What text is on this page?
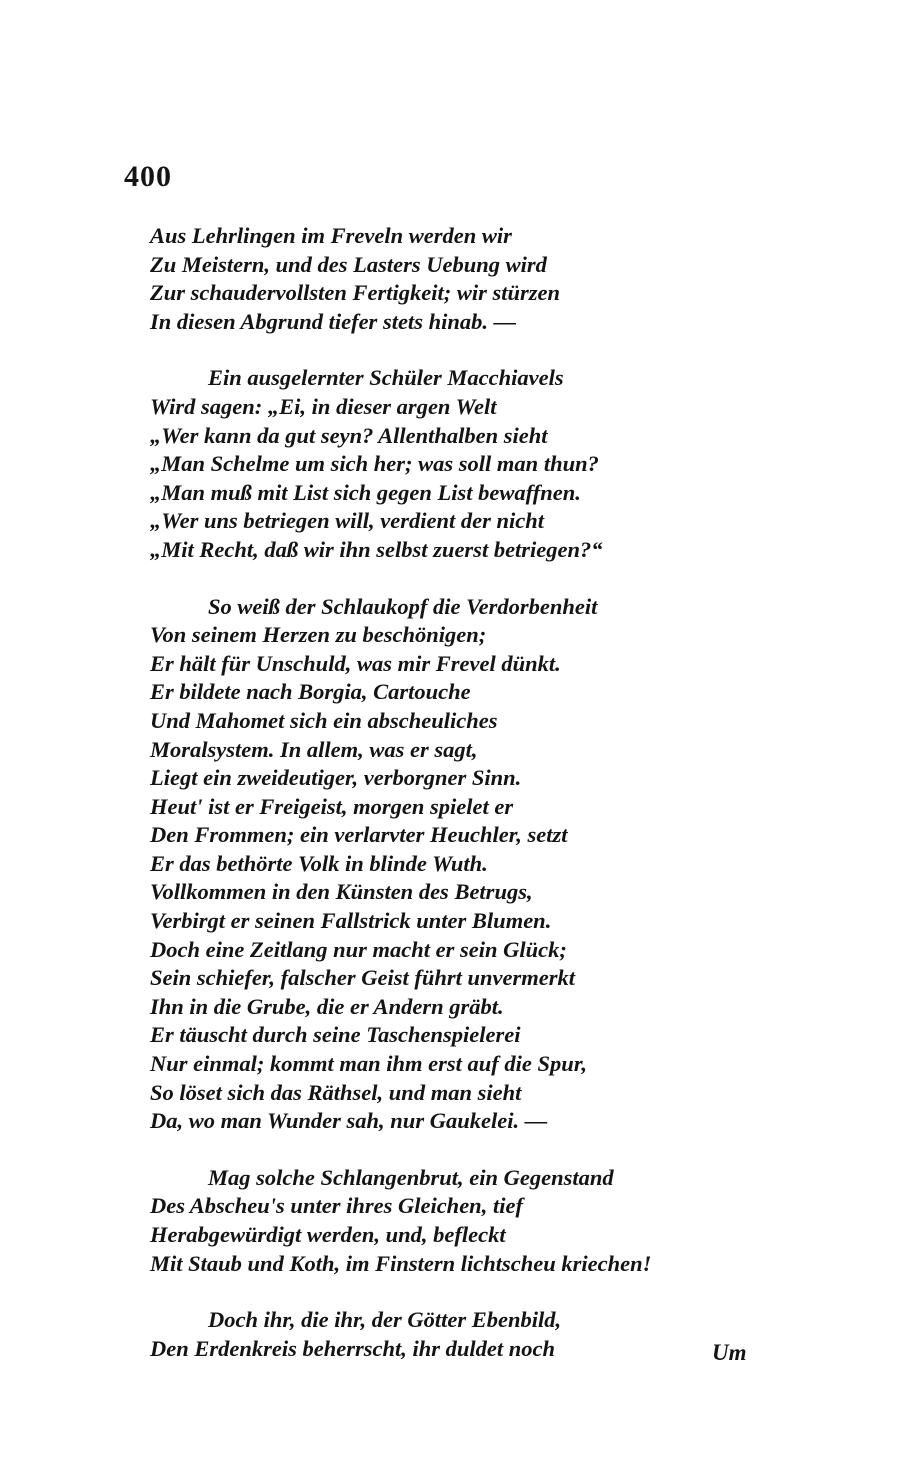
400
Aus Lehrlingen im Freveln werden wir
Zu Meistern, und des Lasters Uebung wird
Zur schaudervollsten Fertigkeit; wir stürzen
In diesen Abgrund tiefer stets hinab. —
Ein ausgelernter Schüler Macchiavels
Wird sagen: „Ei, in dieser argen Welt
„Wer kann da gut seyn? Allenthalben sieht
„Man Schelme um sich her; was soll man thun?
„Man muß mit List sich gegen List bewaffnen.
„Wer uns betriegen will, verdient der nicht
„Mit Recht, daß wir ihn selbst zuerst betriegen?“
So weiß der Schlaukopf die Verdorbenheit
Von seinem Herzen zu beschönigen;
Er hält für Unschuld, was mir Frevel dünkt.
Er bildete nach Borgia, Cartouche
Und Mahomet sich ein abscheuliches
Moralsystem. In allem, was er sagt,
Liegt ein zweideutiger, verborgner Sinn.
Heut' ist er Freigeist, morgen spielet er
Den Frommen; ein verlarvter Heuchler, setzt
Er das bethörte Volk in blinde Wuth.
Vollkommen in den Künsten des Betrugs,
Verbirgt er seinen Fallstrick unter Blumen.
Doch eine Zeitlang nur macht er sein Glück;
Sein schiefer, falscher Geist führt unvermerkt
Ihn in die Grube, die er Andern gräbt.
Er täuscht durch seine Taschenspielerei
Nur einmal; kommt man ihm erst auf die Spur,
So löset sich das Räthsel, und man sieht
Da, wo man Wunder sah, nur Gaukelei. —
Mag solche Schlangenbrut, ein Gegenstand
Des Abscheu's unter ihres Gleichen, tief
Herabgewürdigt werden, und, befleckt
Mit Staub und Koth, im Finstern lichtscheu kriechen!
Doch ihr, die ihr, der Götter Ebenbild,
Den Erdenkreis beherrscht, ihr duldet noch	Um
